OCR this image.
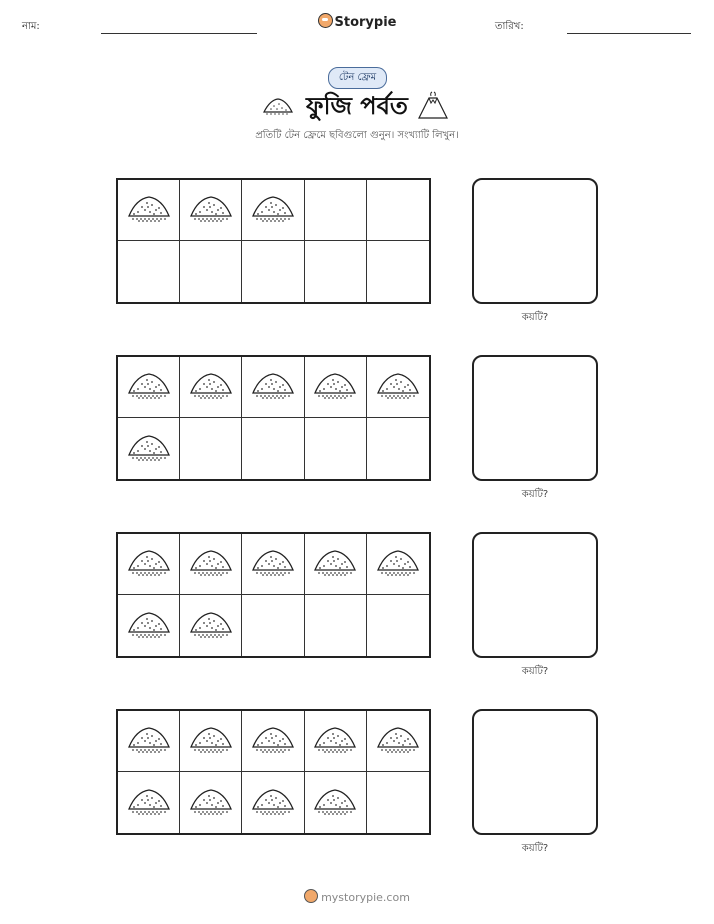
নাম:	Storypie	তারিখ:
টেন ফ্রেম
ফুজি পর্বত
প্রতিটি টেন ফ্রেমে ছবিগুলো গুনুন। সংখ্যাটি লিখুন।
কয়টি?
কয়টি?
কয়টি?
কয়টি?
mystorypie.com
